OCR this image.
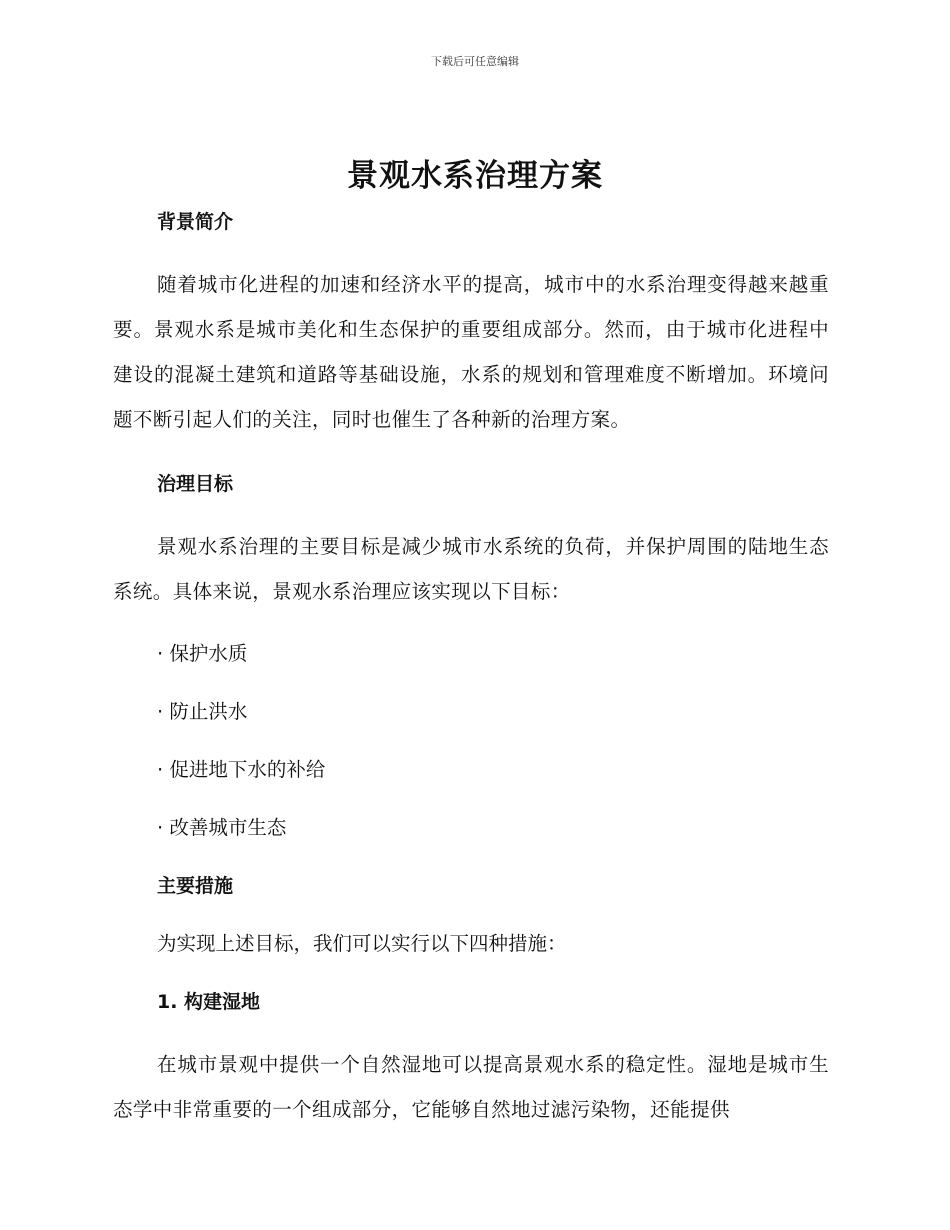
下载后可任意编辑
景观水系治理方案
背景简介

随着城市化进程的加速和经济水平的提高，城市中的水系治理变得越来越重要。景观水系是城市美化和生态保护的重要组成部分。然而，由于城市化进程中建设的混凝土建筑和道路等基础设施，水系的规划和管理难度不断增加。环境问题不断引起人们的关注，同时也催生了各种新的治理方案。

治理目标

景观水系治理的主要目标是减少城市水系统的负荷，并保护周围的陆地生态系统。具体来说，景观水系治理应该实现以下目标：

· 保护水质

· 防止洪水

· 促进地下水的补给

· 改善城市生态

主要措施

为实现上述目标，我们可以实行以下四种措施：

1. 构建湿地

在城市景观中提供一个自然湿地可以提高景观水系的稳定性。湿地是城市生态学中非常重要的一个组成部分，它能够自然地过滤污染物，还能提供
